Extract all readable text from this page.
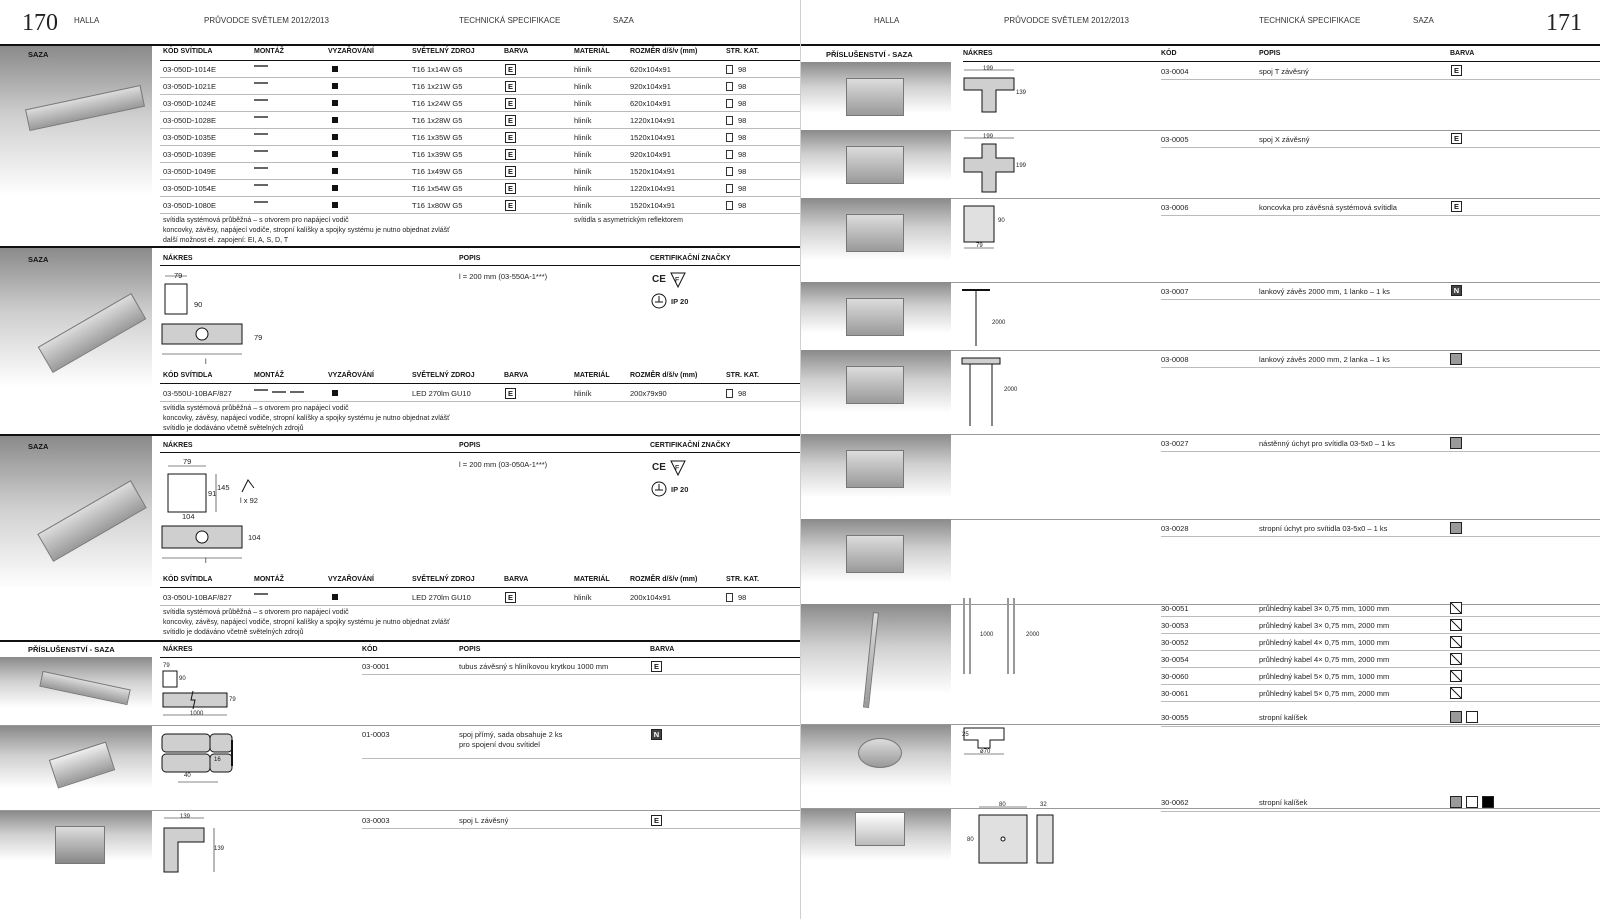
170 HALLA	PRŮVODCE SVĚTLEM 2012/2013	TECHNICKÁ SPECIFIKACE	SAZA	HALLA	PRŮVODCE SVĚTLEM 2012/2013	TECHNICKÁ SPECIFIKACE	SAZA	171
SAZA	KÓD SVÍTIDLA	MONTÁŽ	VYZAŘOVÁNÍ	SVĚTELNÝ ZDROJ	BARVA	MATERIÁL	ROZMĚR d/š/v (mm)	STR. KAT.
03-050D-1014E	T16 1x14W G5	E	hliník	620x104x91	98
03-050D-1021E	T16 1x21W G5	E	hliník	920x104x91	98
03-050D-1024E	T16 1x24W G5	E	hliník	620x104x91	98
03-050D-1028E	T16 1x28W G5	E	hliník	1220x104x91	98
03-050D-1035E	T16 1x35W G5	E	hliník	1520x104x91	98
03-050D-1039E	T16 1x39W G5	E	hliník	920x104x91	98
03-050D-1049E	T16 1x49W G5	E	hliník	1520x104x91	98
03-050D-1054E	T16 1x54W G5	E	hliník	1220x104x91	98
03-050D-1080E	T16 1x80W G5	E	hliník	1520x104x91	98
svítidla systémová průběžná – s otvorem pro napájecí vodič
koncovky, závěsy, napájecí vodiče, stropní kalíšky a spojky systému je nutno objednat zvlášť
další možnost el. zapojení: EI, A, S, D, T
svítidla s asymetrickým reflektorem
SAZA	NÁKRES	POPIS	CERTIFIKAČNÍ ZNAČKY
79
90
79
l
l = 200 mm (03-550A-1***)	CE F
IP 20
KÓD SVÍTIDLA	MONTÁŽ	VYZAŘOVÁNÍ	SVĚTELNÝ ZDROJ	BARVA	MATERIÁL	ROZMĚR d/š/v (mm)	STR. KAT.
03-550U-10BAF/827	LED 270lm GU10	E	hliník	200x79x90	98
svítidla systémová průběžná – s otvorem pro napájecí vodič
koncovky, závěsy, napájecí vodiče, stropní kalíšky a spojky systému je nutno objednat zvlášť
svítidlo je dodáváno včetně světelných zdrojů
SAZA	NÁKRES	POPIS	CERTIFIKAČNÍ ZNAČKY
79
91
145
104
104
l
l x 92
l = 200 mm (03-050A-1***)	CE F
IP 20
KÓD SVÍTIDLA	MONTÁŽ	VYZAŘOVÁNÍ	SVĚTELNÝ ZDROJ	BARVA	MATERIÁL	ROZMĚR d/š/v (mm)	STR. KAT.
03-050U-10BAF/827	LED 270lm GU10	E	hliník	200x104x91	98
svítidla systémová průběžná – s otvorem pro napájecí vodič
koncovky, závěsy, napájecí vodiče, stropní kalíšky a spojky systému je nutno objednat zvlášť
svítidlo je dodáváno včetně světelných zdrojů
PŘÍSLUŠENSTVÍ - SAZA	NÁKRES	KÓD	POPIS	BARVA
79
90
79
1000
03-0001	tubus závěsný s hliníkovou krytkou 1000 mm	E
16
40
01-0003	spoj přímý, sada obsahuje 2 ks
pro spojení dvou svítidel
N
139
139
03-0003	spoj L závěsný	E
PŘÍSLUŠENSTVÍ - SAZA	NÁKRES	KÓD	POPIS	BARVA
03-0004	spoj T závěsný	E
03-0005	spoj X závěsný	E
03-0006	koncovka pro závěsná systémová svítidla	E
03-0007	lankový závěs 2000 mm, 1 lanko – 1 ks	N
03-0008	lankový závěs 2000 mm, 2 lanka – 1 ks
03-0027	nástěnný úchyt pro svítidla 03-5x0 – 1 ks
03-0028	stropní úchyt pro svítidla 03-5x0 – 1 ks
30-0051	průhledný kabel 3× 0,75 mm, 1000 mm
30-0053	průhledný kabel 3× 0,75 mm, 2000 mm
30-0052	průhledný kabel 4× 0,75 mm, 1000 mm
30-0054	průhledný kabel 4× 0,75 mm, 2000 mm
30-0060	průhledný kabel 5× 0,75 mm, 1000 mm
30-0061	průhledný kabel 5× 0,75 mm, 2000 mm
199
139
199
199
90
79
2000
2000
1000	2000
25
ø70
80	32
80
30-0055	stropní kalíšek
30-0062	stropní kalíšek
